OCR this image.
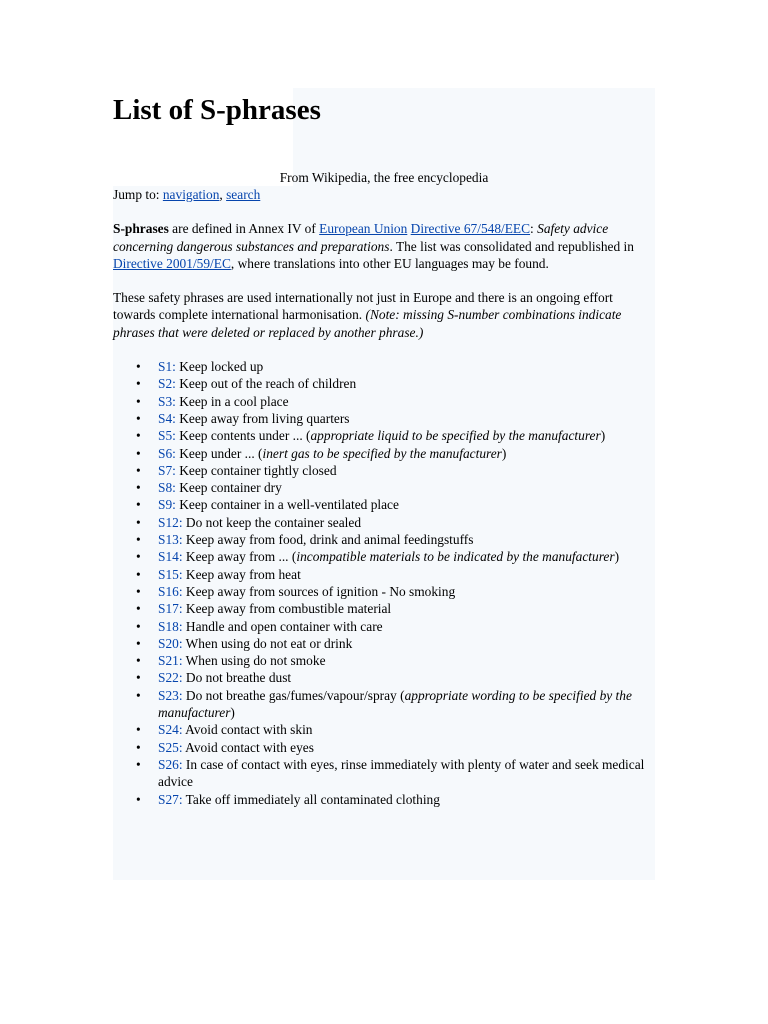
List of S-phrases

From Wikipedia, the free encyclopedia

Jump to: navigation, search

S-phrases are defined in Annex IV of European Union Directive 67/548/EEC: Safety advice concerning dangerous substances and preparations. The list was consolidated and republished in Directive 2001/59/EC, where translations into other EU languages may be found.

These safety phrases are used internationally not just in Europe and there is an ongoing effort towards complete international harmonisation. (Note: missing S-number combinations indicate phrases that were deleted or replaced by another phrase.)

• S1: Keep locked up
• S2: Keep out of the reach of children
• S3: Keep in a cool place
• S4: Keep away from living quarters
• S5: Keep contents under ... (appropriate liquid to be specified by the manufacturer)
• S6: Keep under ... (inert gas to be specified by the manufacturer)
• S7: Keep container tightly closed
• S8: Keep container dry
• S9: Keep container in a well-ventilated place
• S12: Do not keep the container sealed
• S13: Keep away from food, drink and animal feedingstuffs
• S14: Keep away from ... (incompatible materials to be indicated by the manufacturer)
• S15: Keep away from heat
• S16: Keep away from sources of ignition - No smoking
• S17: Keep away from combustible material
• S18: Handle and open container with care
• S20: When using do not eat or drink
• S21: When using do not smoke
• S22: Do not breathe dust
• S23: Do not breathe gas/fumes/vapour/spray (appropriate wording to be specified by the manufacturer)
• S24: Avoid contact with skin
• S25: Avoid contact with eyes
• S26: In case of contact with eyes, rinse immediately with plenty of water and seek medical advice
• S27: Take off immediately all contaminated clothing
